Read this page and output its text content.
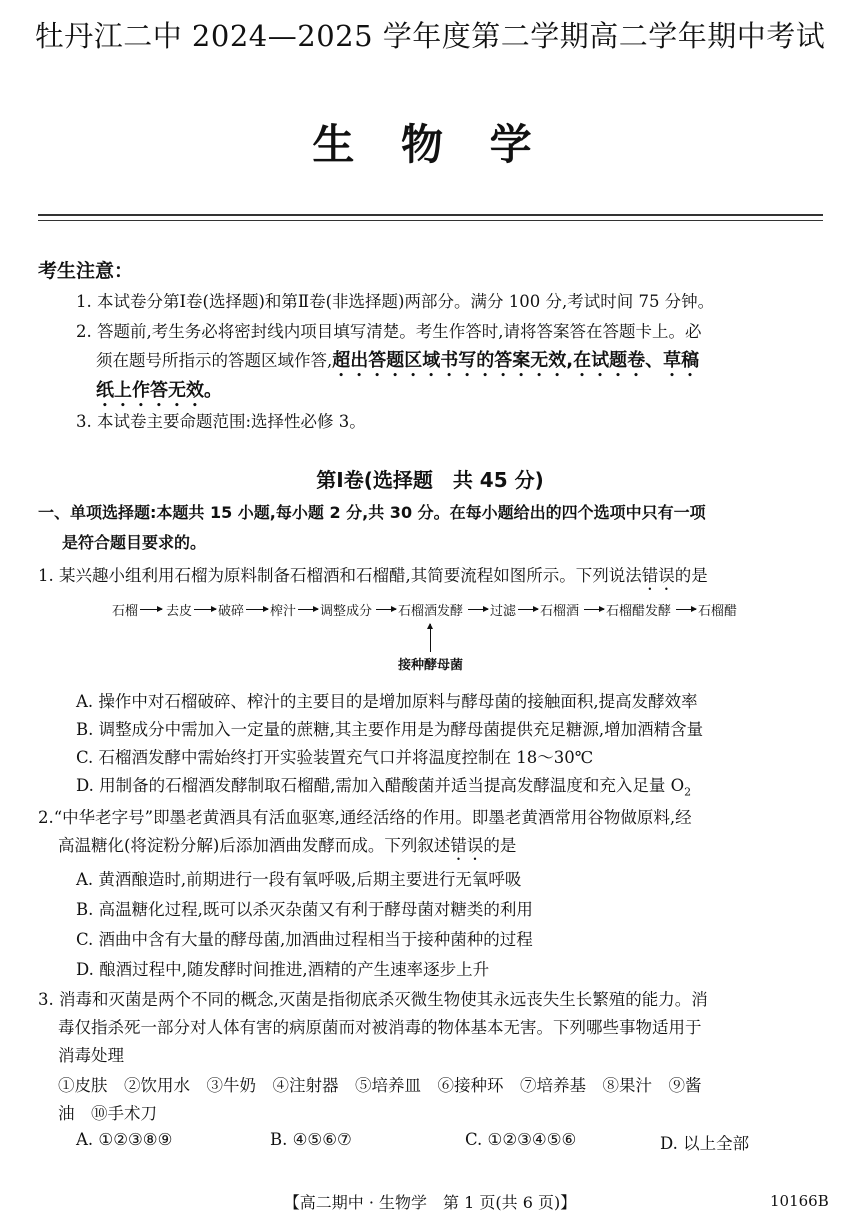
牡丹江二中 2024—2025 学年度第二学期高二学年期中考试
生 物 学
考生注意：
1. 本试卷分第Ⅰ卷(选择题)和第Ⅱ卷(非选择题)两部分。满分 100 分,考试时间 75 分钟。
2. 答题前,考生务必将密封线内项目填写清楚。考生作答时,请将答案答在答题卡上。必
须在题号所指示的答题区域作答,超出答题区域书写的答案无效,在试题卷、草稿
纸上作答无效。
3. 本试卷主要命题范围:选择性必修 3。
第Ⅰ卷(选择题　共 45 分)
一、单项选择题:本题共 15 小题,每小题 2 分,共 30 分。在每小题给出的四个选项中只有一项
是符合题目要求的。
1. 某兴趣小组利用石榴为原料制备石榴酒和石榴醋,其简要流程如图所示。下列说法错误的是
石榴 去皮 破碎 榨汁 调整成分 石榴酒发酵 过滤 石榴酒 石榴醋发酵 石榴醋
接种酵母菌
A. 操作中对石榴破碎、榨汁的主要目的是增加原料与酵母菌的接触面积,提高发酵效率
B. 调整成分中需加入一定量的蔗糖,其主要作用是为酵母菌提供充足糖源,增加酒精含量
C. 石榴酒发酵中需始终打开实验装置充气口并将温度控制在 18～30℃
D. 用制备的石榴酒发酵制取石榴醋,需加入醋酸菌并适当提高发酵温度和充入足量 $O_2$
2.“中华老字号”即墨老黄酒具有活血驱寒,通经活络的作用。即墨老黄酒常用谷物做原料,经
高温糖化(将淀粉分解)后添加酒曲发酵而成。下列叙述错误的是
A. 黄酒酿造时,前期进行一段有氧呼吸,后期主要进行无氧呼吸
B. 高温糖化过程,既可以杀灭杂菌又有利于酵母菌对糖类的利用
C. 酒曲中含有大量的酵母菌,加酒曲过程相当于接种菌种的过程
D. 酿酒过程中,随发酵时间推进,酒精的产生速率逐步上升
3. 消毒和灭菌是两个不同的概念,灭菌是指彻底杀灭微生物使其永远丧失生长繁殖的能力。消
毒仅指杀死一部分对人体有害的病原菌而对被消毒的物体基本无害。下列哪些事物适用于
消毒处理
①皮肤　②饮用水　③牛奶　④注射器　⑤培养皿　⑥接种环　⑦培养基　⑧果汁　⑨酱
油　⑩手术刀
A. ①②③⑧⑨	B. ④⑤⑥⑦	C. ①②③④⑤⑥	D. 以上全部
【高二期中 · 生物学　第 1 页(共 6 页)】	10166B
